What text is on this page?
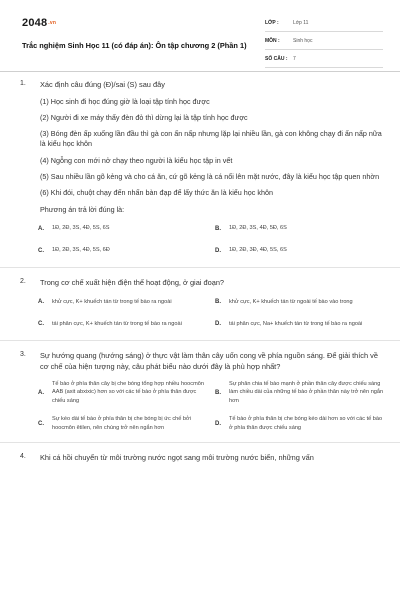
2048.vn
Trắc nghiệm Sinh Học 11 (có đáp án): Ôn tập chương 2 (Phần 1)
LỚP :	Lớp 11
MÔN :	Sinh học
SỐ CÂU : 7
1. Xác định câu đúng (Đ)/sai (S) sau đây
(1) Học sinh đi học đúng giờ là loại tập tính học được
(2) Người đi xe máy thấy đèn đỏ thì dừng lại là tập tính học được
(3) Bóng đèn ấp xuống lần đầu thì gà con ấn nấp nhưng lặp lại nhiều lần, gà con không chạy đi ấn nấp nữa là kiểu học khôn
(4) Ngỗng con mới nở chạy theo người là kiểu học tập in vết
(5) Sau nhiều lần gõ kẻng và cho cá ăn, cứ gõ kẻng là cá nổi lên mặt nước, đây là kiểu học tập quen nhờn
(6) Khi đói, chuột chạy đến nhấn bàn đạp để lấy thức ăn là kiểu học khôn
Phương án trả lời đúng là:
A.	1Đ, 2Đ, 3S, 4Đ, 5S, 6S	B.	1Đ, 2Đ, 3S, 4Đ, 5Đ, 6S
C.	1Đ, 2Đ, 3S, 4Đ, 5S, 6Đ	D.	1Đ, 2Đ, 3Đ, 4Đ, 5S, 6S
2. Trong cơ chế xuất hiện điện thế hoạt động, ở giai đoạn?
A.	khử cực, K+ khuếch tán từ trong tế bào ra ngoài	B.	khử cực, K+ khuếch tán từ ngoài tế bào vào trong
C.	tái phân cực, K+ khuếch tán từ trong tế bào ra ngoài	D.	tái phân cực, Na+ khuếch tán từ trong tế bào ra ngoài
3. Sự hướng quang (hướng sáng) ở thực vật làm thân cây uốn cong về phía nguồn sáng. Để giải thích về cơ chế của hiện tượng này, câu phát biểu nào dưới đây là phù hợp nhất?
A.
Tế bào ở phía thân cây bị che bóng tổng hợp nhiều hoocmôn AAB (axit abxixic) hơn so với các tế bào ở phía thân được chiếu sáng
B.
Sự phân chia tế bào mạnh ở phần thân cây được chiếu sáng làm chiều dài của những tế bào ở phần thân này trở nên ngắn hơn
C.
Sự kéo dài tế bào ở phía thân bị che bóng bị ức chế bởi hoocmôn êtilen, nên chúng trở nên ngắn hơn
D.
Tế bào ở phía thân bị che bóng kéo dài hơn so với các tế bào ở phía thân được chiếu sáng
4. Khi cá hồi chuyển từ môi trường nước ngọt sang môi trường nước biển, những vấn
